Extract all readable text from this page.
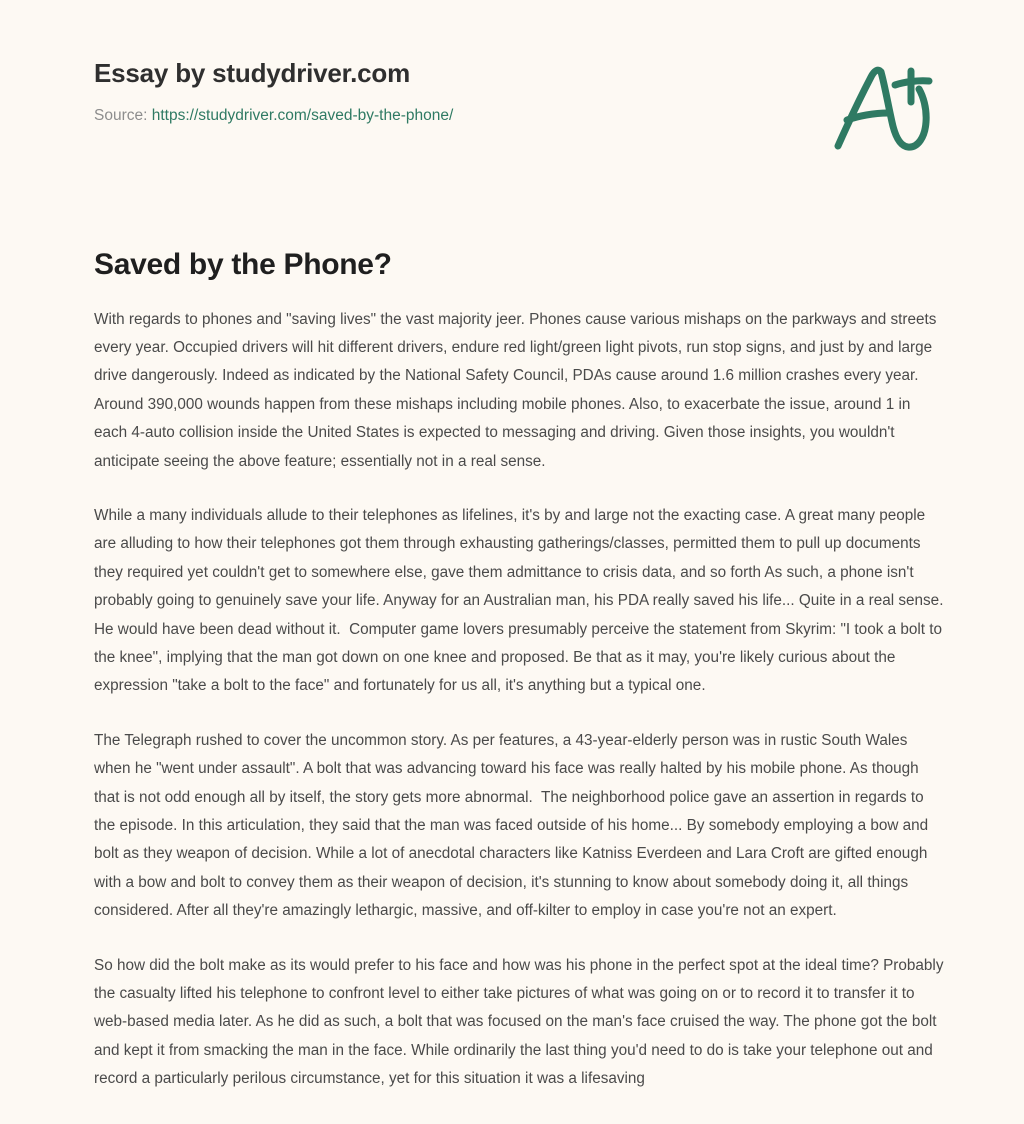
Essay by studydriver.com
Source: https://studydriver.com/saved-by-the-phone/
Saved by the Phone?

With regards to phones and "saving lives" the vast majority jeer. Phones cause various mishaps on the parkways and streets every year. Occupied drivers will hit different drivers, endure red light/green light pivots, run stop signs, and just by and large drive dangerously. Indeed as indicated by the National Safety Council, PDAs cause around 1.6 million crashes every year. Around 390,000 wounds happen from these mishaps including mobile phones. Also, to exacerbate the issue, around 1 in each 4-auto collision inside the United States is expected to messaging and driving. Given those insights, you wouldn't anticipate seeing the above feature; essentially not in a real sense.

While a many individuals allude to their telephones as lifelines, it's by and large not the exacting case. A great many people are alluding to how their telephones got them through exhausting gatherings/classes, permitted them to pull up documents they required yet couldn't get to somewhere else, gave them admittance to crisis data, and so forth As such, a phone isn't probably going to genuinely save your life. Anyway for an Australian man, his PDA really saved his life... Quite in a real sense. He would have been dead without it.  Computer game lovers presumably perceive the statement from Skyrim: "I took a bolt to the knee", implying that the man got down on one knee and proposed. Be that as it may, you're likely curious about the expression "take a bolt to the face" and fortunately for us all, it's anything but a typical one.

The Telegraph rushed to cover the uncommon story. As per features, a 43-year-elderly person was in rustic South Wales when he "went under assault". A bolt that was advancing toward his face was really halted by his mobile phone. As though that is not odd enough all by itself, the story gets more abnormal.  The neighborhood police gave an assertion in regards to the episode. In this articulation, they said that the man was faced outside of his home... By somebody employing a bow and bolt as they weapon of decision. While a lot of anecdotal characters like Katniss Everdeen and Lara Croft are gifted enough with a bow and bolt to convey them as their weapon of decision, it's stunning to know about somebody doing it, all things considered. After all they're amazingly lethargic, massive, and off-kilter to employ in case you're not an expert.

So how did the bolt make as its would prefer to his face and how was his phone in the perfect spot at the ideal time? Probably the casualty lifted his telephone to confront level to either take pictures of what was going on or to record it to transfer it to web-based media later. As he did as such, a bolt that was focused on the man's face cruised the way. The phone got the bolt and kept it from smacking the man in the face. While ordinarily the last thing you'd need to do is take your telephone out and record a particularly perilous circumstance, yet for this situation it was a lifesaving
